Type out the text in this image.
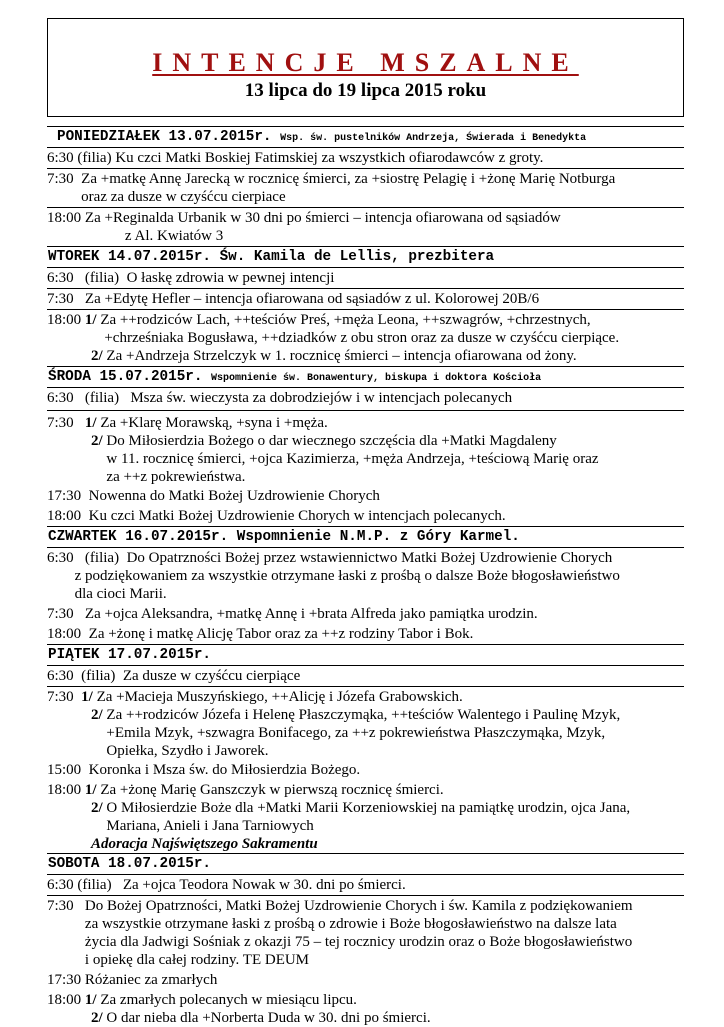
INTENCJE MSZALNE
13 lipca do 19 lipca 2015 roku
PONIEDZIAŁEK 13.07.2015r. Wsp. św. pustelników Andrzeja, Świerada i Benedykta
6:30 (filia) Ku czci Matki Boskiej Fatimskiej za wszystkich ofiarodawców z groty.
7:30 Za +matkę Annę Jarecką w rocznicę śmierci, za +siostrę Pelagię i +żonę Marię Notburga
oraz za dusze w czyśćcu cierpiace
18:00 Za +Reginalda Urbanik w 30 dni po śmierci – intencja ofiarowana od sąsiadów
z Al. Kwiatów 3
WTOREK 14.07.2015r. Św. Kamila de Lellis, prezbitera
6:30   (filia) O łaskę zdrowia w pewnej intencji
7:30 Za +Edytę Hefler – intencja ofiarowana od sąsiadów z ul. Kolorowej 20B/6
18:00 1/ Za ++rodziców Lach, ++teściów Preś, +męża Leona, ++szwagrów, +chrzestnych,
+chrześniaka Bogusława, ++dziadków z obu stron oraz za dusze w czyśćcu cierpiące.
2/ Za +Andrzeja Strzelczyk w 1. rocznicę śmierci – intencja ofiarowana od żony.
ŚRODA 15.07.2015r. Wspomnienie św. Bonawentury, biskupa i doktora Kościoła
6:30   (filia) Msza św. wieczysta za dobrodziejów i w intencjach polecanych
7:30 1/ Za +Klarę Morawską, +syna i +męża.
2/ Do Miłosierdzia Bożego o dar wiecznego szczęścia dla +Matki Magdaleny
w 11. rocznicę śmierci, +ojca Kazimierza, +męża Andrzeja, +teściową Marię oraz
za ++z pokrewieństwa.
17:30 Nowenna do Matki Bożej Uzdrowienie Chorych
18:00 Ku czci Matki Bożej Uzdrowienie Chorych w intencjach polecanych.
CZWARTEK 16.07.2015r. Wspomnienie N.M.P. z Góry Karmel.
6:30   (filia) Do Opatrzności Bożej przez wstawiennictwo Matki Bożej Uzdrowienie Chorych
z podziękowaniem za wszystkie otrzymane łaski z prośbą o dalsze Boże błogosławieństwo
dla cioci Marii.
7:30 Za +ojca Aleksandra, +matkę Annę i +brata Alfreda jako pamiątka urodzin.
18:00 Za +żonę i matkę Alicję Tabor oraz za ++z rodziny Tabor i Bok.
PIĄTEK 17.07.2015r.
6:30  (filia) Za dusze w czyśćcu cierpiące
7:30 1/ Za +Macieja Muszyńskiego, ++Alicję i Józefa Grabowskich.
2/ Za ++rodziców Józefa i Helenę Płaszczymąka, ++teściów Walentego i Paulinę Mzyk,
+Emila Mzyk, +szwagra Bonifacego, za ++z pokrewieństwa Płaszczymąka, Mzyk,
Opiełka, Szydło i Jaworek.
15:00 Koronka i Msza św. do Miłosierdzia Bożego.
18:00 1/ Za +żonę Marię Ganszczyk w pierwszą rocznicę śmierci.
2/ O Miłosierdzie Boże dla +Matki Marii Korzeniowskiej na pamiątkę urodzin, ojca Jana,
Mariana, Anieli i Jana Tarniowych
Adoracja Najświętszego Sakramentu
SOBOTA 18.07.2015r.
6:30 (filia) Za +ojca Teodora Nowak w 30. dni po śmierci.
7:30 Do Bożej Opatrzności, Matki Bożej Uzdrowienie Chorych i św. Kamila z podziękowaniem
za wszystkie otrzymane łaski z prośbą o zdrowie i Boże błogosławieństwo na dalsze lata
życia dla Jadwigi Sośniak z okazji 75 – tej rocznicy urodzin oraz o Boże błogosławieństwo
i opiekę dla całej rodziny. TE DEUM
17:30 Różaniec za zmarłych
18:00 1/ Za zmarłych polecanych w miesiącu lipcu.
2/ O dar nieba dla +Norberta Duda w 30. dni po śmierci.
